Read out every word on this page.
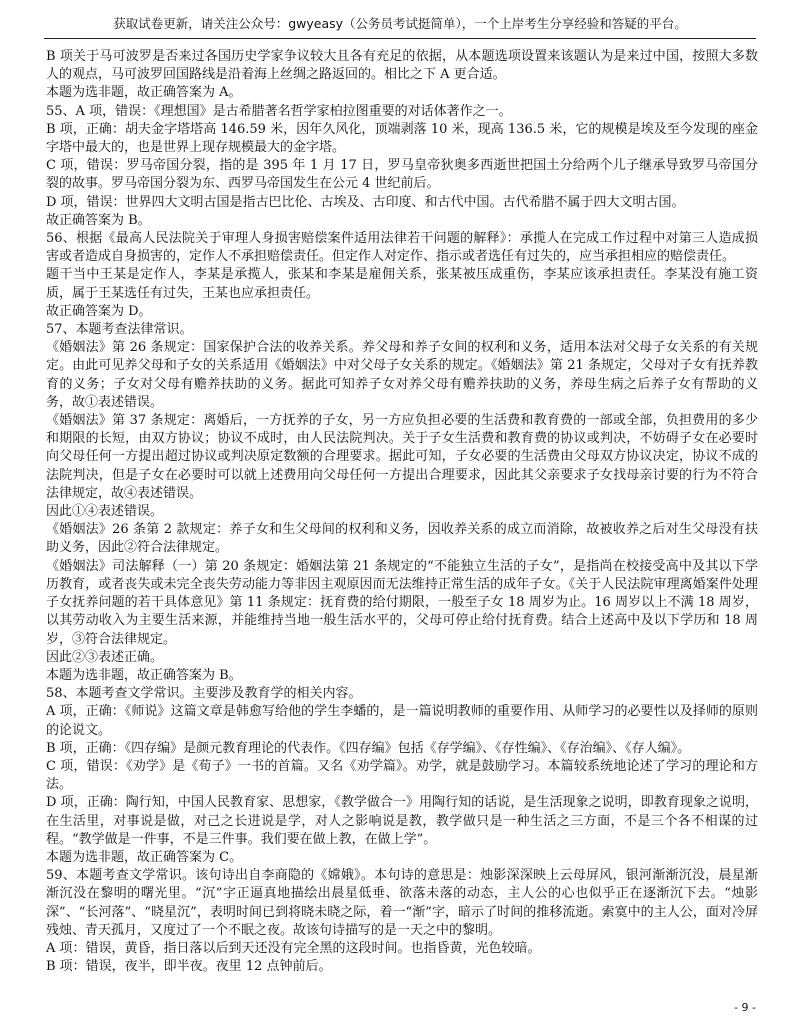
获取试卷更新，请关注公众号：gwyeasy（公务员考试挺简单），一个上岸考生分享经验和答疑的平台。

B 项关于马可波罗是否来过各国历史学家争议较大且各有充足的依据，从本题选项设置来该题认为是来过中国，按照大多数人的观点，马可波罗回国路线是沿着海上丝绸之路返回的。相比之下 A 更合适。

本题为选非题，故正确答案为 A。

55、A 项，错误：《理想国》是古希腊著名哲学家柏拉图重要的对话体著作之一。

B 项，正确：胡夫金字塔塔高 146.59 米，因年久风化，顶端剥落 10 米，现高 136.5 米，它的规模是埃及至今发现的座金字塔中最大的，也是世界上现存规模最大的金字塔。

C 项，错误：罗马帝国分裂，指的是 395 年 1 月 17 日，罗马皇帝狄奥多西逝世把国土分给两个儿子继承导致罗马帝国分裂的故事。罗马帝国分裂为东、西罗马帝国发生在公元 4 世纪前后。

D 项，错误：世界四大文明古国是指古巴比伦、古埃及、古印度、和古代中国。古代希腊不属于四大文明古国。

故正确答案为 B。

56、根据《最高人民法院关于审理人身损害赔偿案件适用法律若干问题的解释》：承揽人在完成工作过程中对第三人造成损害或者造成自身损害的，定作人不承担赔偿责任。但定作人对定作、指示或者选任有过失的，应当承担相应的赔偿责任。

题干当中王某是定作人，李某是承揽人，张某和李某是雇佣关系，张某被压成重伤，李某应该承担责任。李某没有施工资质，属于王某选任有过失，王某也应承担责任。

故正确答案为 D。

57、本题考查法律常识。

《婚姻法》第 26 条规定：国家保护合法的收养关系。养父母和养子女间的权利和义务，适用本法对父母子女关系的有关规定。由此可见养父母和子女的关系适用《婚姻法》中对父母子女关系的规定。《婚姻法》第 21 条规定，父母对子女有抚养教育的义务；子女对父母有赡养扶助的义务。据此可知养子女对养父母有赡养扶助的义务，养母生病之后养子女有帮助的义务，故①表述错误。

《婚姻法》第 37 条规定：离婚后，一方抚养的子女，另一方应负担必要的生活费和教育费的一部或全部，负担费用的多少和期限的长短，由双方协议；协议不成时，由人民法院判决。关于子女生活费和教育费的协议或判决，不妨碍子女在必要时向父母任何一方提出超过协议或判决原定数额的合理要求。据此可知，子女必要的生活费由父母双方协议决定，协议不成的法院判决，但是子女在必要时可以就上述费用向父母任何一方提出合理要求，因此其父亲要求子女找母亲讨要的行为不符合法律规定，故④表述错误。

因此①④表述错误。

《婚姻法》26 条第 2 款规定：养子女和生父母间的权利和义务，因收养关系的成立而消除，故被收养之后对生父母没有扶助义务，因此②符合法律规定。

《婚姻法》司法解释（一）第 20 条规定：婚姻法第 21 条规定的“不能独立生活的子女”，是指尚在校接受高中及其以下学历教育，或者丧失或未完全丧失劳动能力等非因主观原因而无法维持正常生活的成年子女。《关于人民法院审理离婚案件处理子女抚养问题的若干具体意见》第 11 条规定：抚育费的给付期限，一般至子女 18 周岁为止。16 周岁以上不满 18 周岁，以其劳动收入为主要生活来源，并能维持当地一般生活水平的，父母可停止给付抚育费。结合上述高中及以下学历和 18 周岁，③符合法律规定。

因此②③表述正确。

本题为选非题，故正确答案为 B。

58、本题考查文学常识。主要涉及教育学的相关内容。

A 项，正确：《师说》这篇文章是韩愈写给他的学生李蟠的，是一篇说明教师的重要作用、从师学习的必要性以及择师的原则的论说文。

B 项，正确：《四存编》是颜元教育理论的代表作。《四存编》包括《存学编》、《存性编》、《存治编》、《存人编》。

C 项，错误：《劝学》是《荀子》一书的首篇。又名《劝学篇》。劝学，就是鼓励学习。本篇较系统地论述了学习的理论和方法。

D 项，正确：陶行知，中国人民教育家、思想家，《教学做合一》用陶行知的话说，是生活现象之说明，即教育现象之说明，在生活里，对事说是做，对己之长进说是学，对人之影响说是教，教学做只是一种生活之三方面，不是三个各不相谋的过程。“教学做是一件事，不是三件事。我们要在做上教，在做上学”。

本题为选非题，故正确答案为 C。

59、本题考查文学常识。该句诗出自李商隐的《嫦娥》。本句诗的意思是：烛影深深映上云母屏风，银河渐渐沉没，晨星渐渐沉没在黎明的曙光里。“沉”字正逼真地描绘出晨星低垂、欲落未落的动态，主人公的心也似乎正在逐渐沉下去。“烛影深”、“长河落”、“晓星沉”，表明时间已到将晓未晓之际，着一“渐”字，暗示了时间的推移流逝。索寞中的主人公，面对冷屏残烛、青天孤月，又度过了一个不眠之夜。故该句诗描写的是一天之中的黎明。

A 项：错误，黄昏，指日落以后到天还没有完全黑的这段时间。也指昏黄，光色较暗。

B 项：错误，夜半，即半夜。夜里 12 点钟前后。

- 9 -
